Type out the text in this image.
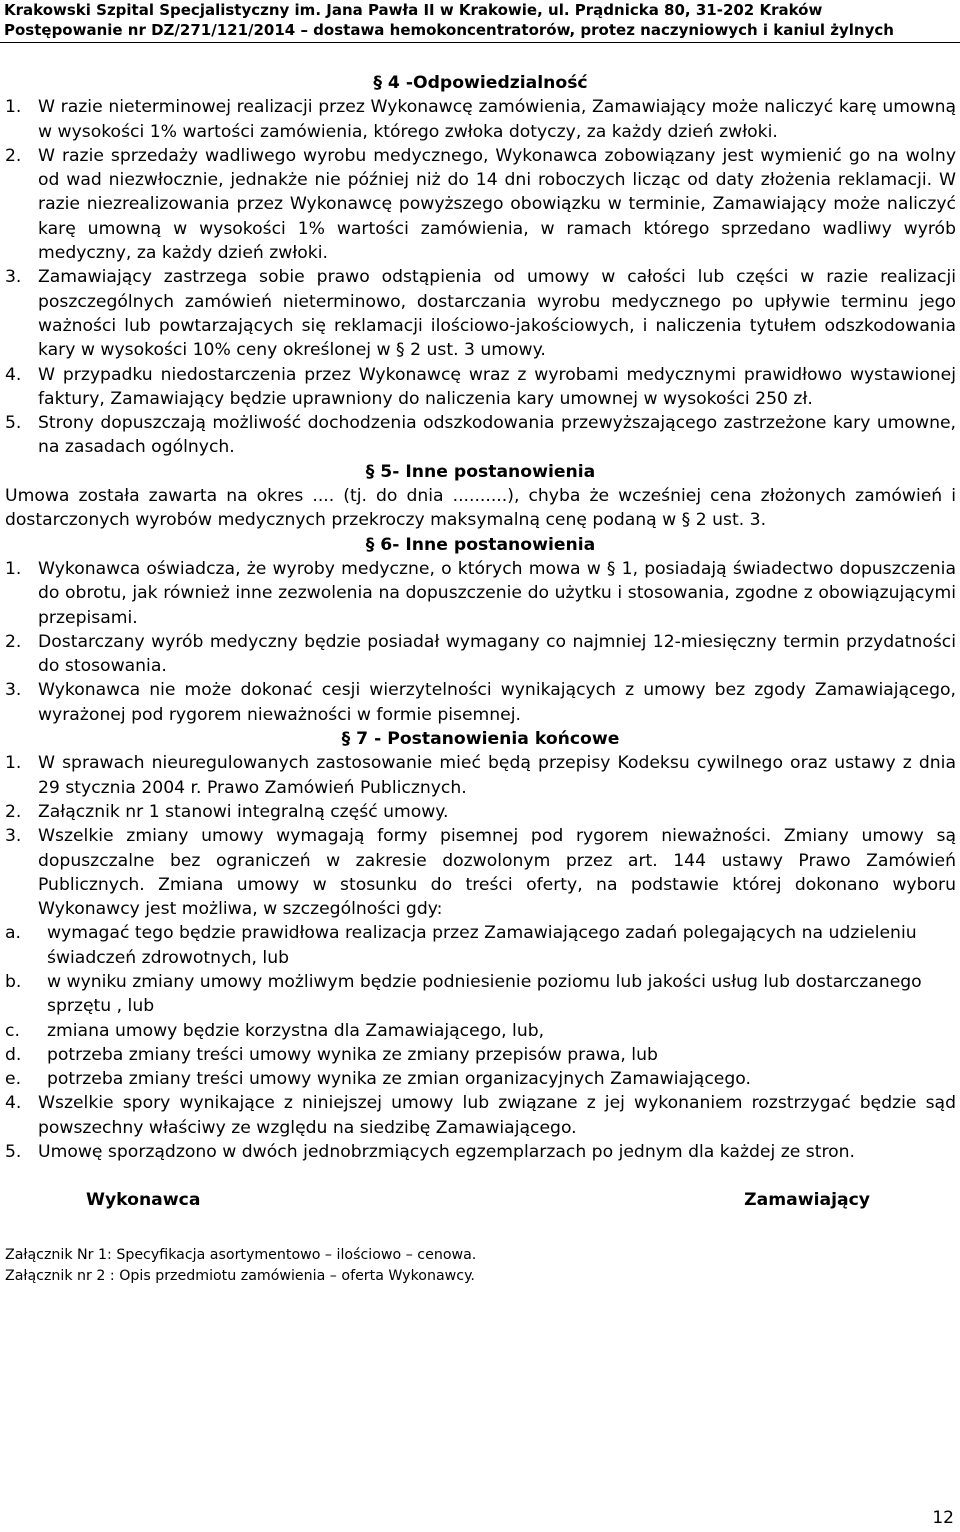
Krakowski Szpital Specjalistyczny im. Jana Pawła II w Krakowie, ul. Prądnicka 80, 31-202 Kraków
Postępowanie nr DZ/271/121/2014 – dostawa hemokoncentratorów, protez naczyniowych i kaniul żylnych

§ 4 -Odpowiedzialność

1. W razie nieterminowej realizacji przez Wykonawcę zamówienia, Zamawiający może naliczyć karę umowną w wysokości 1% wartości zamówienia, którego zwłoka dotyczy, za każdy dzień zwłoki.
2. W razie sprzedaży wadliwego wyrobu medycznego, Wykonawca zobowiązany jest wymienić go na wolny od wad niezwłocznie, jednakże nie później niż do 14 dni roboczych licząc od daty złożenia reklamacji. W razie niezrealizowania przez Wykonawcę powyższego obowiązku w terminie, Zamawiający może naliczyć karę umowną w wysokości 1% wartości zamówienia, w ramach którego sprzedano wadliwy wyrób medyczny, za każdy dzień zwłoki.
3. Zamawiający zastrzega sobie prawo odstąpienia od umowy w całości lub części w razie realizacji poszczególnych zamówień nieterminowo, dostarczania wyrobu medycznego po upływie terminu jego ważności lub powtarzających się reklamacji ilościowo-jakościowych, i naliczenia tytułem odszkodowania kary w wysokości 10% ceny określonej w § 2 ust. 3 umowy.
4. W przypadku niedostarczenia przez Wykonawcę wraz z wyrobami medycznymi prawidłowo wystawionej faktury, Zamawiający będzie uprawniony do naliczenia kary umownej w wysokości 250 zł.
5. Strony dopuszczają możliwość dochodzenia odszkodowania przewyższającego zastrzeżone kary umowne, na zasadach ogólnych.

§ 5- Inne postanowienia

Umowa została zawarta na okres .... (tj. do dnia ..........), chyba że wcześniej cena złożonych zamówień i dostarczonych wyrobów medycznych przekroczy maksymalną cenę podaną w § 2 ust. 3.

§ 6- Inne postanowienia

1. Wykonawca oświadcza, że wyroby medyczne, o których mowa w § 1, posiadają świadectwo dopuszczenia do obrotu, jak również inne zezwolenia na dopuszczenie do użytku i stosowania, zgodne z obowiązującymi przepisami.
2. Dostarczany wyrób medyczny będzie posiadał wymagany co najmniej 12-miesięczny termin przydatności do stosowania.
3. Wykonawca nie może dokonać cesji wierzytelności wynikających z umowy bez zgody Zamawiającego, wyrażonej pod rygorem nieważności w formie pisemnej.

§ 7 - Postanowienia końcowe

1. W sprawach nieuregulowanych zastosowanie mieć będą przepisy Kodeksu cywilnego oraz ustawy z dnia 29 stycznia 2004 r. Prawo Zamówień Publicznych.
2. Załącznik nr 1 stanowi integralną część umowy.
3. Wszelkie zmiany umowy wymagają formy pisemnej pod rygorem nieważności. Zmiany umowy są dopuszczalne bez ograniczeń w zakresie dozwolonym przez art. 144 ustawy Prawo Zamówień Publicznych. Zmiana umowy w stosunku do treści oferty, na podstawie której dokonano wyboru Wykonawcy jest możliwa, w szczególności gdy:
a.	wymagać tego będzie prawidłowa realizacja przez Zamawiającego zadań polegających na udzieleniu świadczeń zdrowotnych, lub
b.	w wyniku zmiany umowy możliwym będzie podniesienie poziomu lub jakości usług lub dostarczanego sprzętu , lub
c.	zmiana umowy będzie korzystna dla Zamawiającego, lub,
d.	potrzeba zmiany treści umowy wynika ze zmiany przepisów prawa, lub
e.	potrzeba zmiany treści umowy wynika ze zmian organizacyjnych Zamawiającego.
4. Wszelkie spory wynikające z niniejszej umowy lub związane z jej wykonaniem rozstrzygać będzie sąd powszechny właściwy ze względu na siedzibę Zamawiającego.
5. Umowę sporządzono w dwóch jednobrzmiących egzemplarzach po jednym dla każdej ze stron.
Wykonawca	Zamawiający
Załącznik Nr 1: Specyfikacja asortymentowo – ilościowo – cenowa.
Załącznik nr 2 : Opis przedmiotu zamówienia – oferta Wykonawcy.
12
